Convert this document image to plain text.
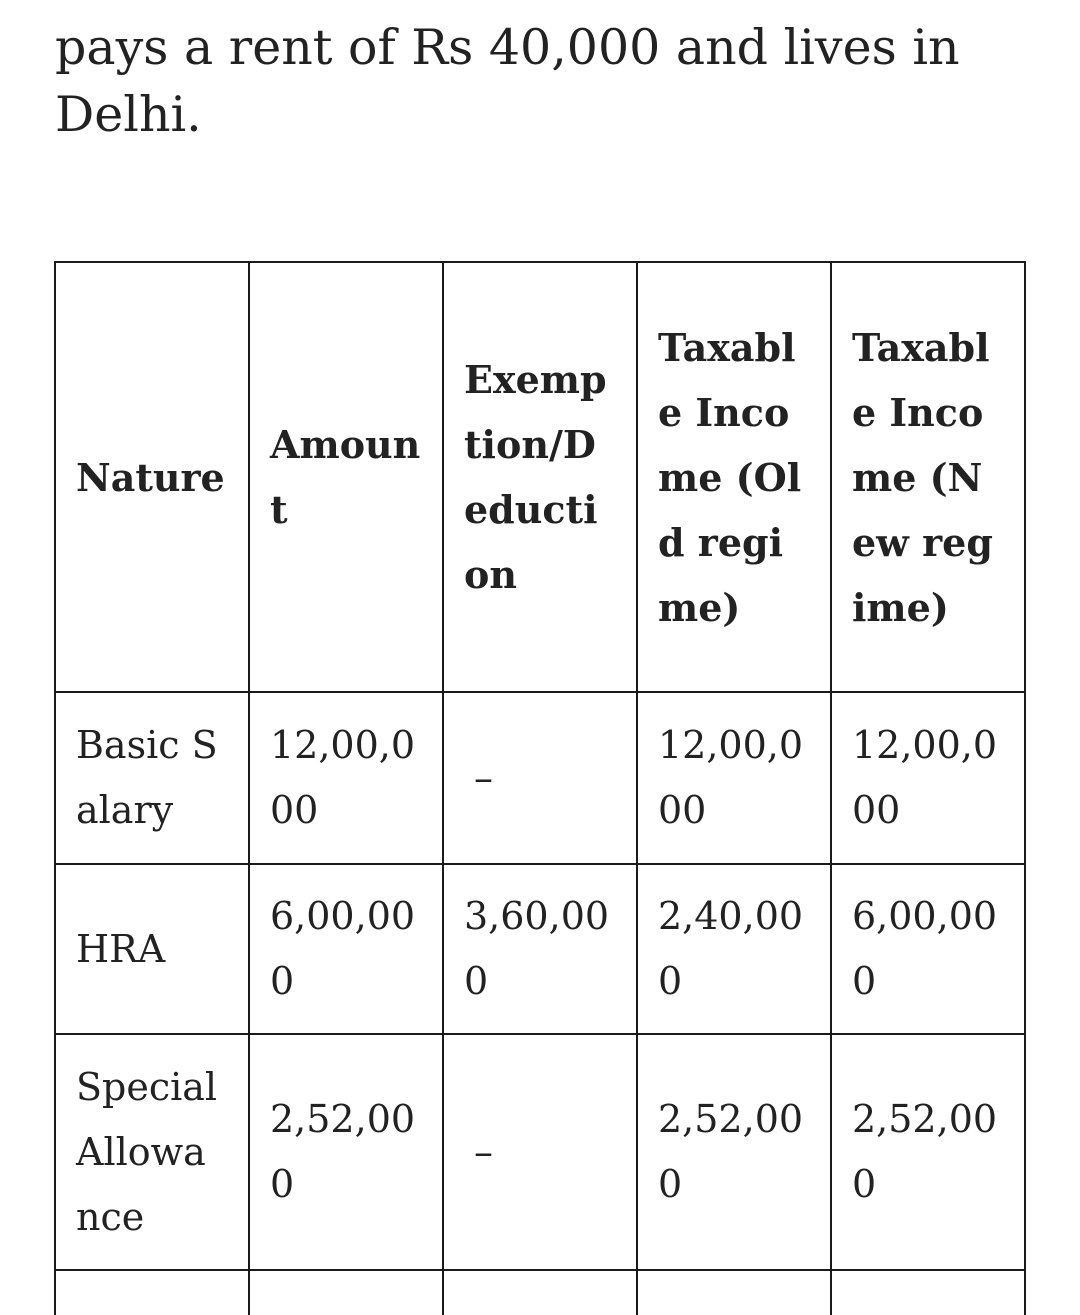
pays a rent of Rs 40,000 and lives in
Delhi.
Nature	Amount	Exemption/Deduction	Taxable Income (Old regime)	Taxable Income (New regime)
Basic Salary	12,00,000	–	12,00,000	12,00,000
HRA	6,00,000	3,60,000	2,40,000	6,00,000
Special Allowance	2,52,000	–	2,52,000	2,52,000
